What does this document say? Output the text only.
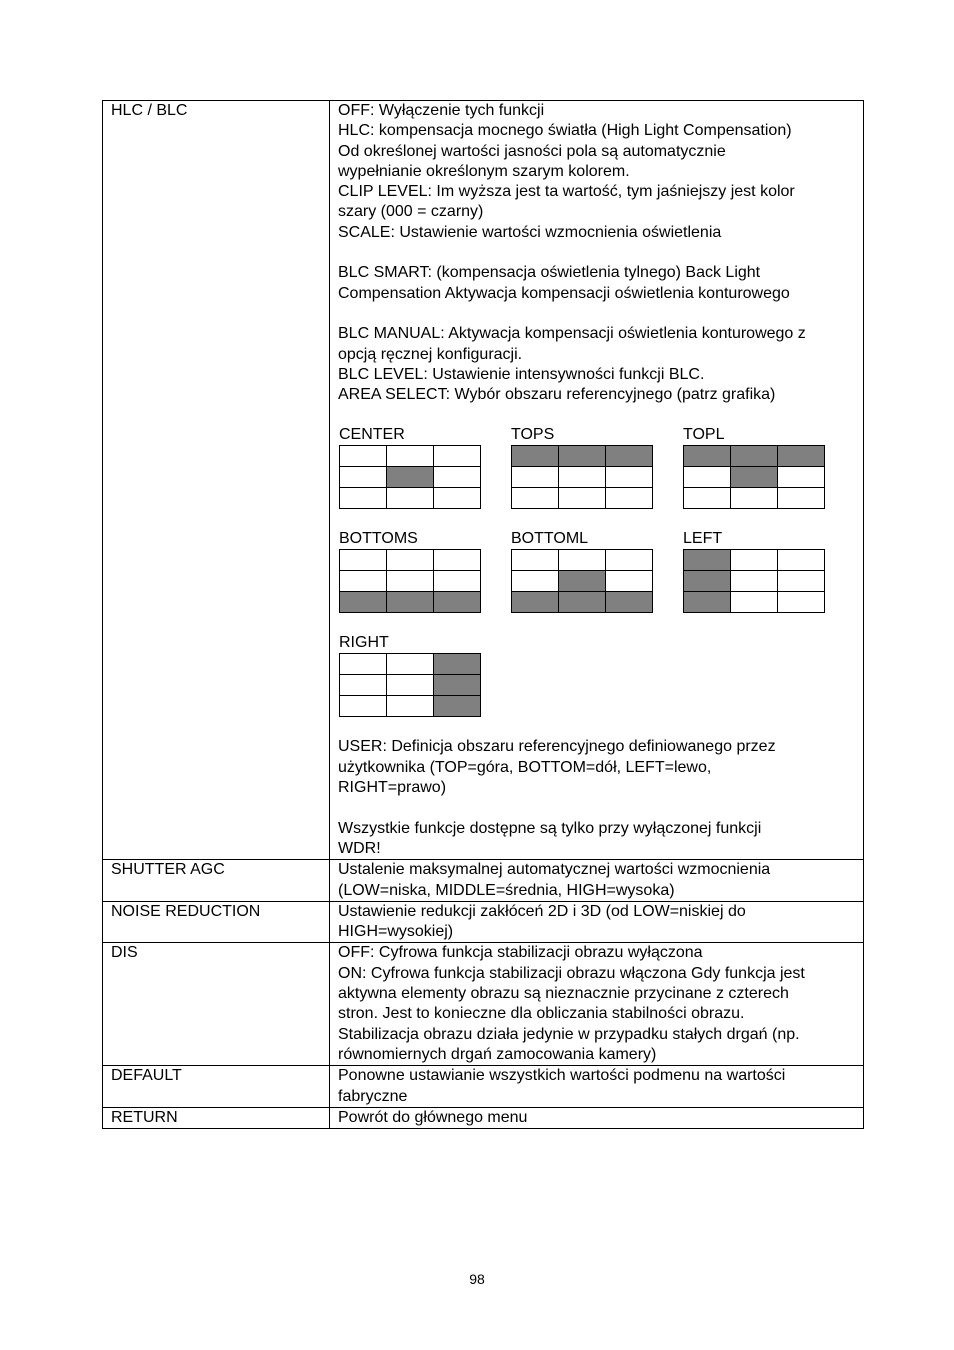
HLC / BLC	OFF: Wyłączenie tych funkcji

HLC: kompensacja mocnego światła (High Light Compensation)

Od określonej wartości jasności pola są automatycznie

wypełnianie określonym szarym kolorem.

CLIP LEVEL: Im wyższa jest ta wartość, tym jaśniejszy jest kolor

szary (000 = czarny)

SCALE: Ustawienie wartości wzmocnienia oświetlenia

BLC SMART: (kompensacja oświetlenia tylnego) Back Light

Compensation Aktywacja kompensacji oświetlenia konturowego

BLC MANUAL: Aktywacja kompensacji oświetlenia konturowego z

opcją ręcznej konfiguracji.

BLC LEVEL: Ustawienie intensywności funkcji BLC.

AREA SELECT: Wybór obszaru referencyjnego (patrz grafika)

CENTER

			TOPS

			TOPL

BOTTOMS

			BOTTOML

			LEFT

RIGHT

USER: Definicja obszaru referencyjnego definiowanego przez

użytkownika (TOP=góra, BOTTOM=dół, LEFT=lewo,

RIGHT=prawo)

Wszystkie funkcje dostępne są tylko przy wyłączonej funkcji

WDR!

SHUTTER AGC	Ustalenie maksymalnej automatycznej wartości wzmocnienia

(LOW=niska, MIDDLE=średnia, HIGH=wysoka)

NOISE REDUCTION	Ustawienie redukcji zakłóceń 2D i 3D (od LOW=niskiej do

HIGH=wysokiej)

DIS	OFF: Cyfrowa funkcja stabilizacji obrazu wyłączona

ON: Cyfrowa funkcja stabilizacji obrazu włączona Gdy funkcja jest

aktywna elementy obrazu są nieznacznie przycinane z czterech

stron. Jest to konieczne dla obliczania stabilności obrazu.

Stabilizacja obrazu działa jedynie w przypadku stałych drgań (np.

równomiernych drgań zamocowania kamery)

DEFAULT	Ponowne ustawianie wszystkich wartości podmenu na wartości

fabryczne

RETURN	Powrót do głównego menu

98
